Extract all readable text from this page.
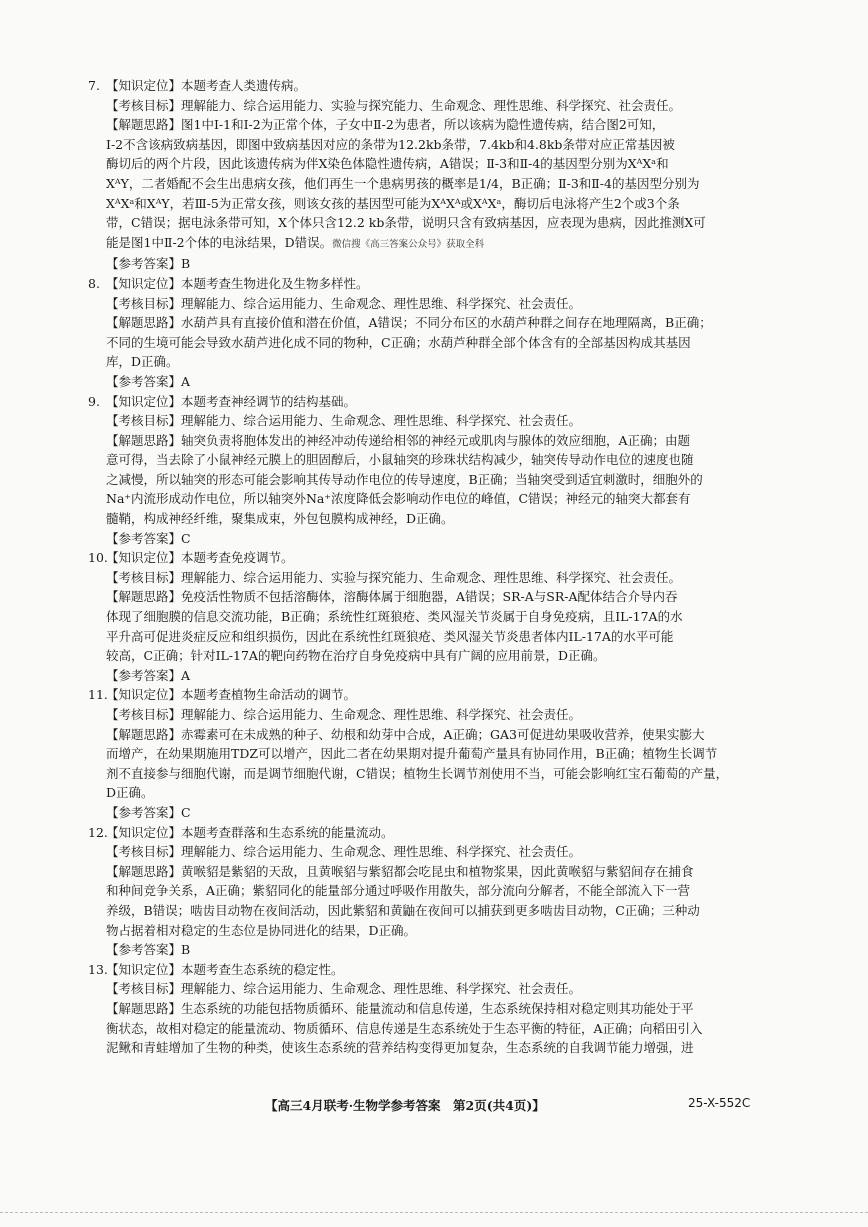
7. 【知识定位】本题考查人类遗传病。
【考核目标】理解能力、综合运用能力、实验与探究能力、生命观念、理性思维、科学探究、社会责任。
【解题思路】图1中Ⅰ-1和Ⅰ-2为正常个体，子女中Ⅱ-2为患者，所以该病为隐性遗传病，结合图2可知，
Ⅰ-2不含该病致病基因，即图中致病基因对应的条带为12.2kb条带，7.4kb和4.8kb条带对应正常基因被
酶切后的两个片段，因此该遗传病为伴X染色体隐性遗传病，A错误；Ⅱ-3和Ⅱ-4的基因型分别为XᴬXᵃ和
XᴬY，二者婚配不会生出患病女孩，他们再生一个患病男孩的概率是1/4，B正确；Ⅱ-3和Ⅱ-4的基因型分别为
XᴬXᵃ和XᴬY，若Ⅲ-5为正常女孩，则该女孩的基因型可能为XᴬXᴬ或XᴬXᵃ，酶切后电泳将产生2个或3个条
带，C错误；据电泳条带可知，X个体只含12.2 kb条带，说明只含有致病基因，应表现为患病，因此推测X可
能是图1中Ⅱ-2个体的电泳结果，D错误。微信搜《高三答案公众号》获取全科
【参考答案】B
8. 【知识定位】本题考查生物进化及生物多样性。
【考核目标】理解能力、综合运用能力、生命观念、理性思维、科学探究、社会责任。
【解题思路】水葫芦具有直接价值和潜在价值，A错误；不同分布区的水葫芦种群之间存在地理隔离，B正确；
不同的生境可能会导致水葫芦进化成不同的物种，C正确；水葫芦种群全部个体含有的全部基因构成其基因
库，D正确。
【参考答案】A
9. 【知识定位】本题考查神经调节的结构基础。
【考核目标】理解能力、综合运用能力、生命观念、理性思维、科学探究、社会责任。
【解题思路】轴突负责将胞体发出的神经冲动传递给相邻的神经元或肌肉与腺体的效应细胞，A正确；由题
意可得，当去除了小鼠神经元膜上的胆固醇后，小鼠轴突的珍珠状结构减少，轴突传导动作电位的速度也随
之减慢，所以轴突的形态可能会影响其传导动作电位的传导速度，B正确；当轴突受到适宜刺激时，细胞外的
Na⁺内流形成动作电位，所以轴突外Na⁺浓度降低会影响动作电位的峰值，C错误；神经元的轴突大都套有
髓鞘，构成神经纤维，聚集成束，外包包膜构成神经，D正确。
【参考答案】C
10.【知识定位】本题考查免疫调节。
【考核目标】理解能力、综合运用能力、实验与探究能力、生命观念、理性思维、科学探究、社会责任。
【解题思路】免疫活性物质不包括溶酶体，溶酶体属于细胞器，A错误；SR-A与SR-A配体结合介导内吞
体现了细胞膜的信息交流功能，B正确；系统性红斑狼疮、类风湿关节炎属于自身免疫病，且IL-17A的水
平升高可促进炎症反应和组织损伤，因此在系统性红斑狼疮、类风湿关节炎患者体内IL-17A的水平可能
较高，C正确；针对IL-17A的靶向药物在治疗自身免疫病中具有广阔的应用前景，D正确。
【参考答案】A
11.【知识定位】本题考查植物生命活动的调节。
【考核目标】理解能力、综合运用能力、生命观念、理性思维、科学探究、社会责任。
【解题思路】赤霉素可在未成熟的种子、幼根和幼芽中合成，A正确；GA3可促进幼果吸收营养，使果实膨大
而增产，在幼果期施用TDZ可以增产，因此二者在幼果期对提升葡萄产量具有协同作用，B正确；植物生长调节
剂不直接参与细胞代谢，而是调节细胞代谢，C错误；植物生长调节剂使用不当，可能会影响红宝石葡萄的产量，
D正确。
【参考答案】C
12.【知识定位】本题考查群落和生态系统的能量流动。
【考核目标】理解能力、综合运用能力、生命观念、理性思维、科学探究、社会责任。
【解题思路】黄喉貂是紫貂的天敌，且黄喉貂与紫貂都会吃昆虫和植物浆果，因此黄喉貂与紫貂间存在捕食
和种间竞争关系，A正确；紫貂同化的能量部分通过呼吸作用散失，部分流向分解者，不能全部流入下一营
养级，B错误；啮齿目动物在夜间活动，因此紫貂和黄鼬在夜间可以捕获到更多啮齿目动物，C正确；三种动
物占据着相对稳定的生态位是协同进化的结果，D正确。
【参考答案】B
13.【知识定位】本题考查生态系统的稳定性。
【考核目标】理解能力、综合运用能力、生命观念、理性思维、科学探究、社会责任。
【解题思路】生态系统的功能包括物质循环、能量流动和信息传递，生态系统保持相对稳定则其功能处于平
衡状态，故相对稳定的能量流动、物质循环、信息传递是生态系统处于生态平衡的特征，A正确；向稻田引入
泥鳅和青蛙增加了生物的种类，使该生态系统的营养结构变得更加复杂，生态系统的自我调节能力增强，进
【高三4月联考·生物学参考答案　第2页(共4页)】	25-X-552C
